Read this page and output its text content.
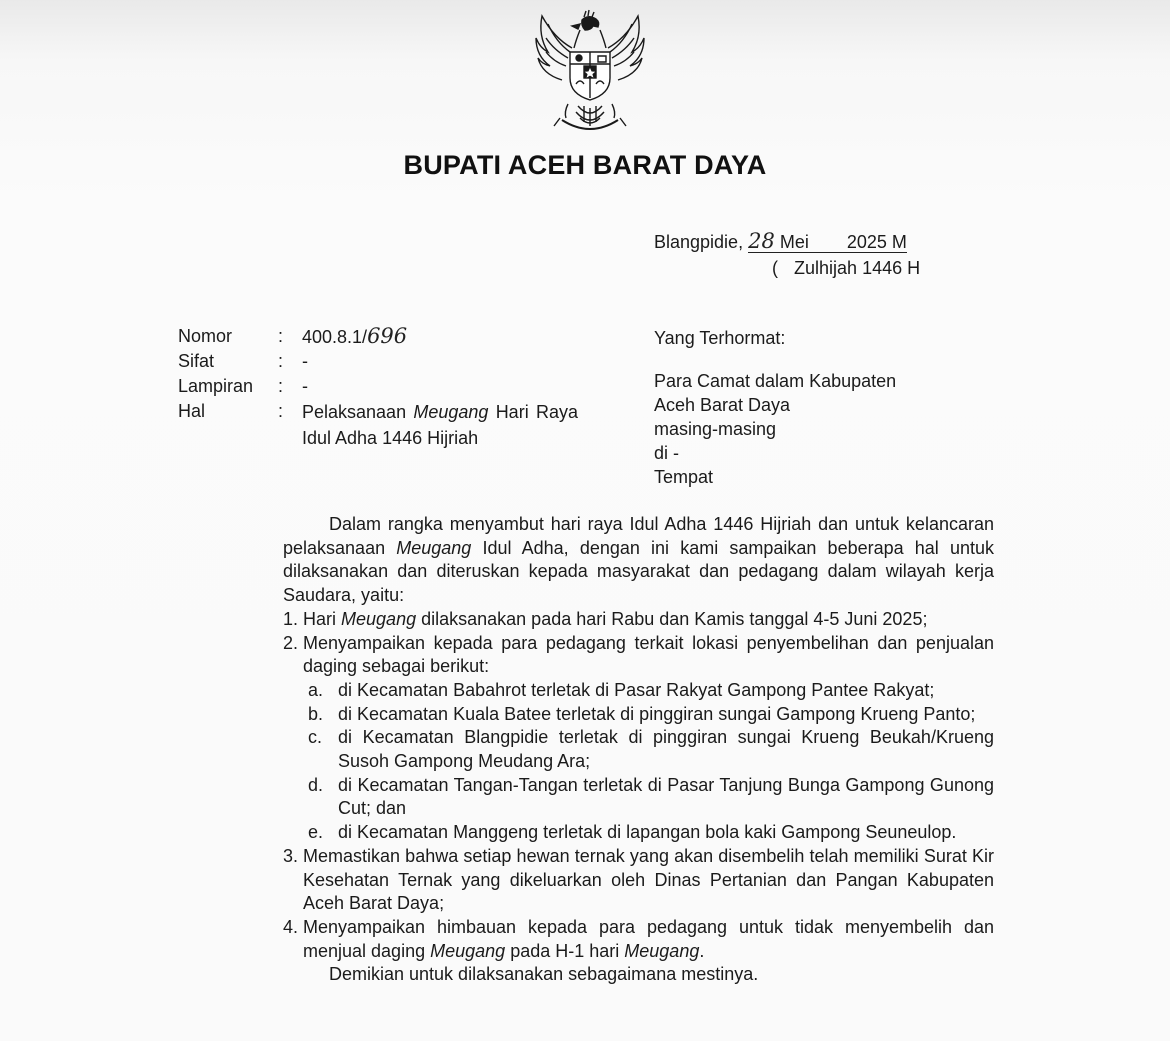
BUPATI ACEH BARAT DAYA
Blangpidie, 28 Mei 2025 M
( Zulhijah 1446 H
Nomor	: 400.8.1/696
Sifat	: -
Lampiran : -
Hal	: Pelaksanaan Meugang Hari Raya Idul Adha 1446 Hijriah
Yang Terhormat:
Para Camat dalam Kabupaten
Aceh Barat Daya
masing-masing
di -
Tempat

Dalam rangka menyambut hari raya Idul Adha 1446 Hijriah dan untuk kelancaran pelaksanaan Meugang Idul Adha, dengan ini kami sampaikan beberapa hal untuk dilaksanakan dan diteruskan kepada masyarakat dan pedagang dalam wilayah kerja Saudara, yaitu:

1. Hari Meugang dilaksanakan pada hari Rabu dan Kamis tanggal 4-5 Juni 2025;
2. Menyampaikan kepada para pedagang terkait lokasi penyembelihan dan penjualan daging sebagai berikut:
a. di Kecamatan Babahrot terletak di Pasar Rakyat Gampong Pantee Rakyat;
b. di Kecamatan Kuala Batee terletak di pinggiran sungai Gampong Krueng Panto;
c. di Kecamatan Blangpidie terletak di pinggiran sungai Krueng Beukah/Krueng Susoh Gampong Meudang Ara;
d. di Kecamatan Tangan-Tangan terletak di Pasar Tanjung Bunga Gampong Gunong Cut; dan
e. di Kecamatan Manggeng terletak di lapangan bola kaki Gampong Seuneulop.
3. Memastikan bahwa setiap hewan ternak yang akan disembelih telah memiliki Surat Kir Kesehatan Ternak yang dikeluarkan oleh Dinas Pertanian dan Pangan Kabupaten Aceh Barat Daya;
4. Menyampaikan himbauan kepada para pedagang untuk tidak menyembelih dan menjual daging Meugang pada H-1 hari Meugang.

Demikian untuk dilaksanakan sebagaimana mestinya.
